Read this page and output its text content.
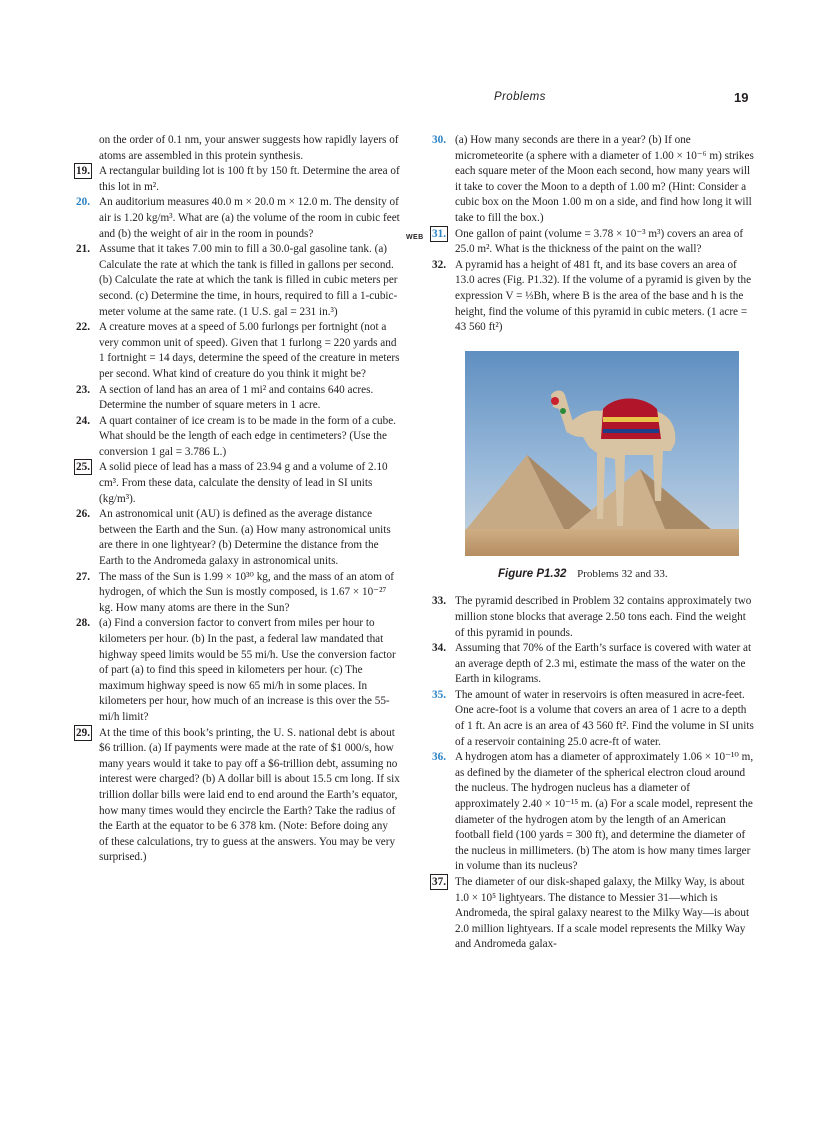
Problems	19

on the order of 0.1 nm, your answer suggests how rapidly layers of atoms are assembled in this protein synthesis.

19. A rectangular building lot is 100 ft by 150 ft. Determine the area of this lot in m².
20. An auditorium measures 40.0 m × 20.0 m × 12.0 m. The density of air is 1.20 kg/m³. What are (a) the volume of the room in cubic feet and (b) the weight of air in the room in pounds?
21. Assume that it takes 7.00 min to fill a 30.0-gal gasoline tank. (a) Calculate the rate at which the tank is filled in gallons per second. (b) Calculate the rate at which the tank is filled in cubic meters per second. (c) Determine the time, in hours, required to fill a 1-cubic-meter volume at the same rate. (1 U.S. gal = 231 in.³)
22. A creature moves at a speed of 5.00 furlongs per fortnight (not a very common unit of speed). Given that 1 furlong = 220 yards and 1 fortnight = 14 days, determine the speed of the creature in meters per second. What kind of creature do you think it might be?
23. A section of land has an area of 1 mi² and contains 640 acres. Determine the number of square meters in 1 acre.
24. A quart container of ice cream is to be made in the form of a cube. What should be the length of each edge in centimeters? (Use the conversion 1 gal = 3.786 L.)
25. A solid piece of lead has a mass of 23.94 g and a volume of 2.10 cm³. From these data, calculate the density of lead in SI units (kg/m³).
26. An astronomical unit (AU) is defined as the average distance between the Earth and the Sun. (a) How many astronomical units are there in one lightyear? (b) Determine the distance from the Earth to the Andromeda galaxy in astronomical units.
27. The mass of the Sun is 1.99 × 10³⁰ kg, and the mass of an atom of hydrogen, of which the Sun is mostly composed, is 1.67 × 10⁻²⁷ kg. How many atoms are there in the Sun?
28. (a) Find a conversion factor to convert from miles per hour to kilometers per hour. (b) In the past, a federal law mandated that highway speed limits would be 55 mi/h. Use the conversion factor of part (a) to find this speed in kilometers per hour. (c) The maximum highway speed is now 65 mi/h in some places. In kilometers per hour, how much of an increase is this over the 55-mi/h limit?
29. At the time of this book’s printing, the U. S. national debt is about $6 trillion. (a) If payments were made at the rate of $1 000/s, how many years would it take to pay off a $6-trillion debt, assuming no interest were charged? (b) A dollar bill is about 15.5 cm long. If six trillion dollar bills were laid end to end around the Earth’s equator, how many times would they encircle the Earth? Take the radius of the Earth at the equator to be 6 378 km. (Note: Before doing any of these calculations, try to guess at the answers. You may be very surprised.)
30. (a) How many seconds are there in a year? (b) If one micrometeorite (a sphere with a diameter of 1.00 × 10⁻⁶ m) strikes each square meter of the Moon each second, how many years will it take to cover the Moon to a depth of 1.00 m? (Hint: Consider a cubic box on the Moon 1.00 m on a side, and find how long it will take to fill the box.)
WEB 31. One gallon of paint (volume = 3.78 × 10⁻³ m³) covers an area of 25.0 m². What is the thickness of the paint on the wall?
32. A pyramid has a height of 481 ft, and its base covers an area of 13.0 acres (Fig. P1.32). If the volume of a pyramid is given by the expression V = ⅓Bh, where B is the area of the base and h is the height, find the volume of this pyramid in cubic meters. (1 acre = 43 560 ft²)
Figure P1.32 Problems 32 and 33.
33. The pyramid described in Problem 32 contains approximately two million stone blocks that average 2.50 tons each. Find the weight of this pyramid in pounds.
34. Assuming that 70% of the Earth’s surface is covered with water at an average depth of 2.3 mi, estimate the mass of the water on the Earth in kilograms.
35. The amount of water in reservoirs is often measured in acre-feet. One acre-foot is a volume that covers an area of 1 acre to a depth of 1 ft. An acre is an area of 43 560 ft². Find the volume in SI units of a reservoir containing 25.0 acre-ft of water.
36. A hydrogen atom has a diameter of approximately 1.06 × 10⁻¹⁰ m, as defined by the diameter of the spherical electron cloud around the nucleus. The hydrogen nucleus has a diameter of approximately 2.40 × 10⁻¹⁵ m. (a) For a scale model, represent the diameter of the hydrogen atom by the length of an American football field (100 yards = 300 ft), and determine the diameter of the nucleus in millimeters. (b) The atom is how many times larger in volume than its nucleus?
37. The diameter of our disk-shaped galaxy, the Milky Way, is about 1.0 × 10⁵ lightyears. The distance to Messier 31—which is Andromeda, the spiral galaxy nearest to the Milky Way—is about 2.0 million lightyears. If a scale model represents the Milky Way and Andromeda galax-
